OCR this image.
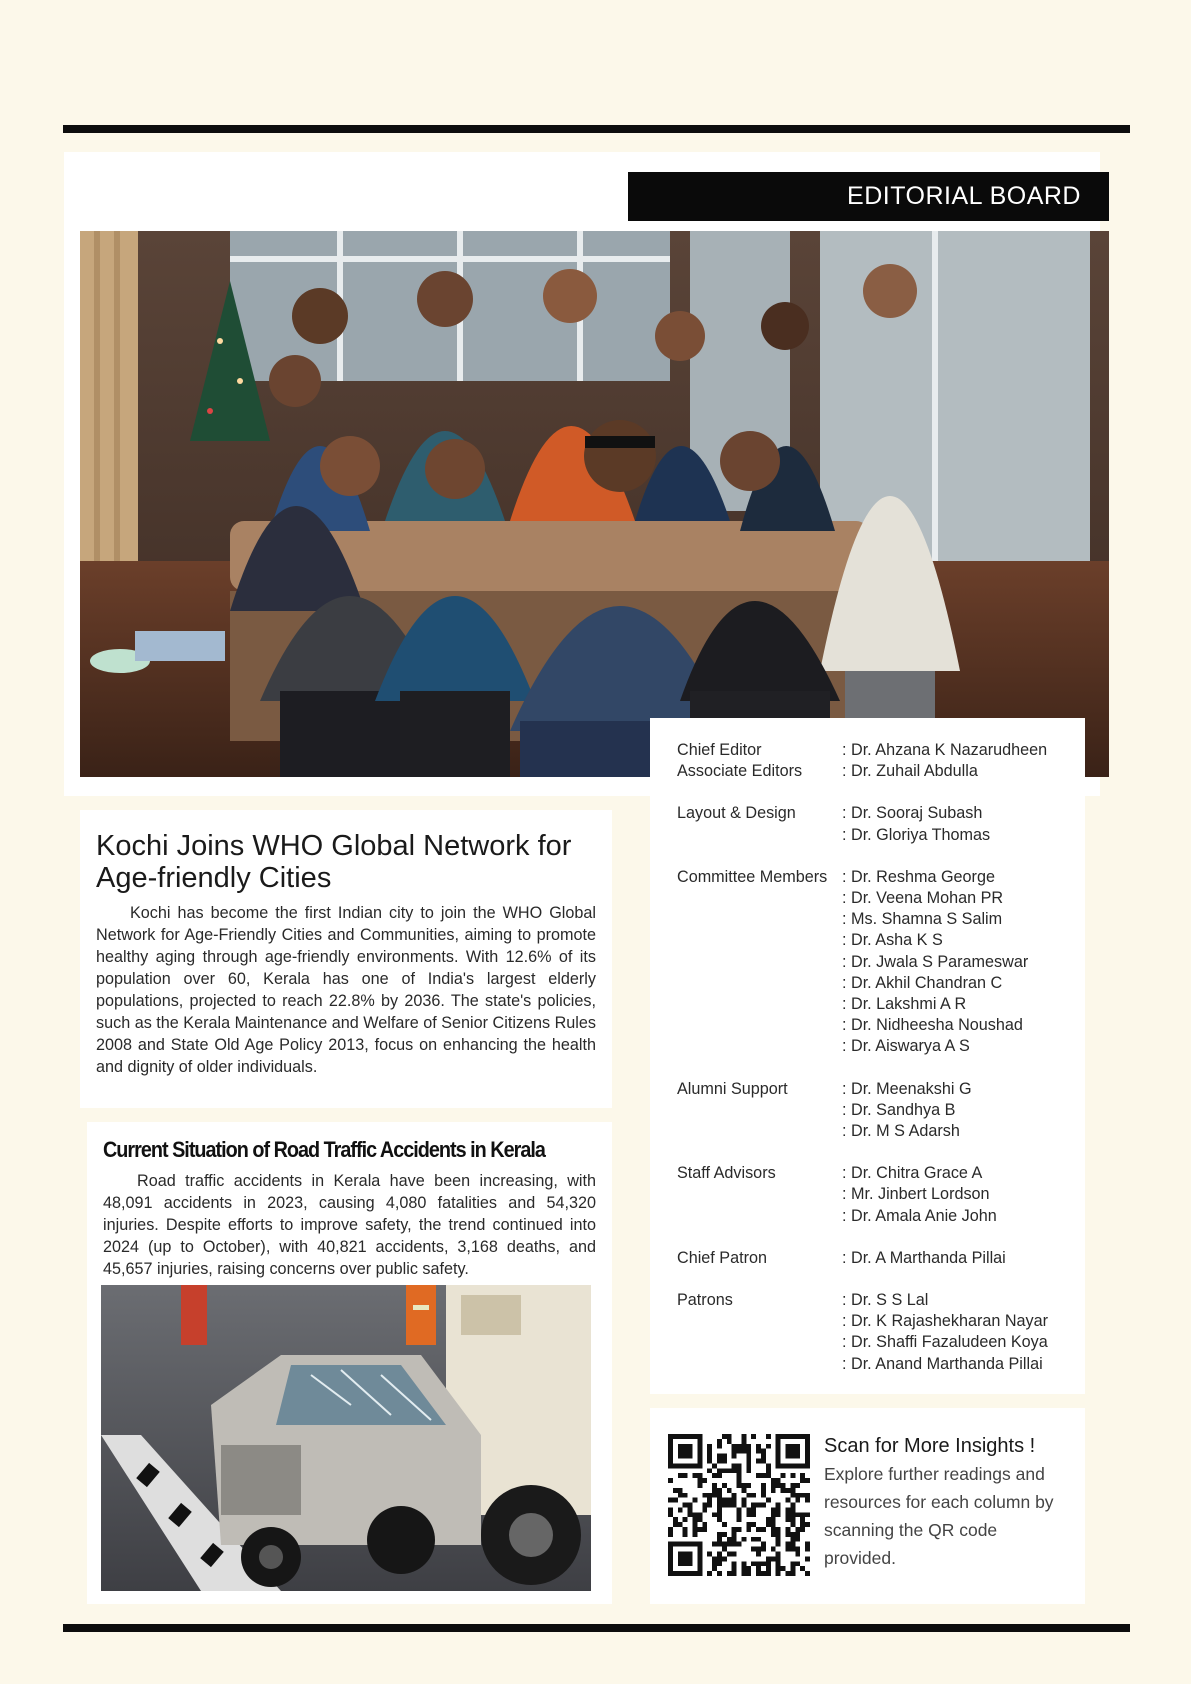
EDITORIAL BOARD
Kochi Joins WHO Global Network for Age-friendly Cities

Kochi has become the first Indian city to join the WHO Global Network for Age-Friendly Cities and Communities, aiming to promote healthy aging through age-friendly environments. With 12.6% of its population over 60, Kerala has one of India's largest elderly populations, projected to reach 22.8% by 2036. The state's policies, such as the Kerala Maintenance and Welfare of Senior Citizens Rules 2008 and State Old Age Policy 2013, focus on enhancing the health and dignity of older individuals.

Current Situation of Road Traffic Accidents in Kerala

Road traffic accidents in Kerala have been increasing, with 48,091 accidents in 2023, causing 4,080 fatalities and 54,320 injuries. Despite efforts to improve safety, the trend continued into 2024 (up to October), with 40,821 accidents, 3,168 deaths, and 45,657 injuries, raising concerns over public safety.

Chief Editor	: Dr. Ahzana K Nazarudheen
Associate Editors	: Dr. Zuhail Abdulla
Layout & Design	: Dr. Sooraj Subash
: Dr. Gloriya Thomas
Committee Members	: Dr. Reshma George
: Dr. Veena Mohan PR
: Ms. Shamna S Salim
: Dr. Asha K S
: Dr. Jwala S Parameswar
: Dr. Akhil Chandran C
: Dr. Lakshmi A R
: Dr. Nidheesha Noushad
: Dr. Aiswarya A S
Alumni Support	: Dr. Meenakshi G
: Dr. Sandhya B
: Dr. M S Adarsh
Staff Advisors	: Dr. Chitra Grace A
: Mr. Jinbert Lordson
: Dr. Amala Anie John
Chief Patron	: Dr. A Marthanda Pillai
Patrons	: Dr. S S Lal
: Dr. K Rajashekharan Nayar
: Dr. Shaffi Fazaludeen Koya
: Dr. Anand Marthanda Pillai
Scan for More Insights !
Explore further readings and resources for each column by scanning the QR code provided.
